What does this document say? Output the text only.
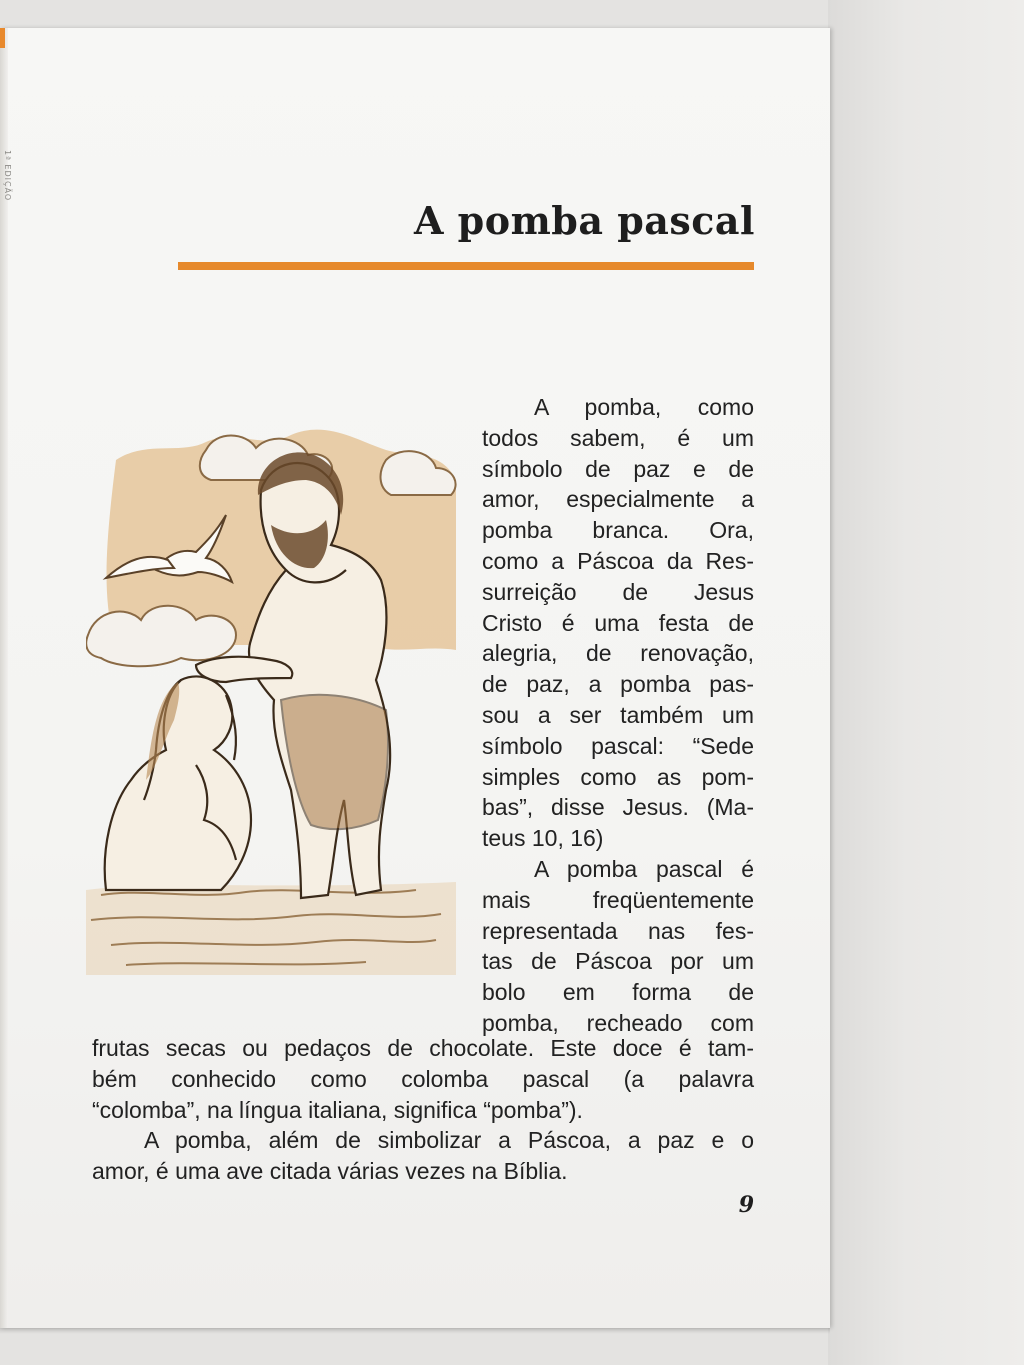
1ª EDIÇÃO
A pomba pascal
A pomba, como
todos sabem, é um
símbolo de paz e de
amor, especialmente a
pomba branca. Ora,
como a Páscoa da Res-
surreição de Jesus
Cristo é uma festa de
alegria, de renovação,
de paz, a pomba pas-
sou a ser também um
símbolo pascal: “Sede
simples como as pom-
bas”, disse Jesus. (Ma-
teus 10, 16)
A pomba pascal é
mais freqüentemente
representada nas fes-
tas de Páscoa por um
bolo em forma de
pomba, recheado com
frutas secas ou pedaços de chocolate. Este doce é tam-
bém conhecido como colomba pascal (a palavra
“colomba”, na língua italiana, significa “pomba”).
A pomba, além de simbolizar a Páscoa, a paz e o
amor, é uma ave citada várias vezes na Bíblia.
9
